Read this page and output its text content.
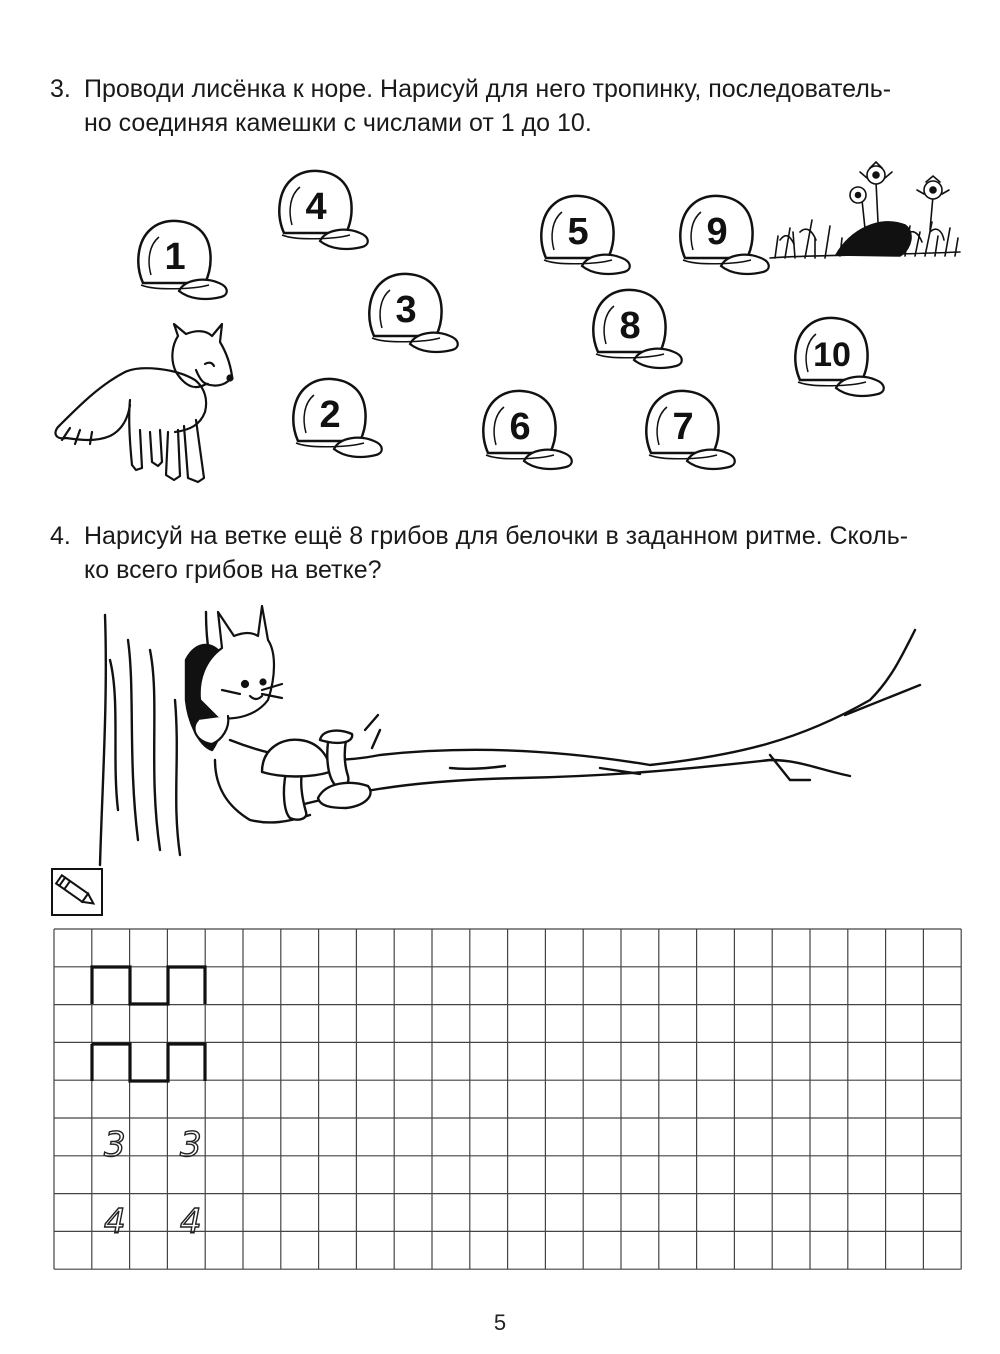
3. Проводи лисёнка к норе. Нарисуй для него тропинку, последователь-
но соединяя камешки с числами от 1 до 10.
4. Нарисуй на ветке ещё 8 грибов для белочки в заданном ритме. Сколь-
ко всего грибов на ветке?
1
2
3
4
5
6	7
8
9
10
3 3
4 4
5
